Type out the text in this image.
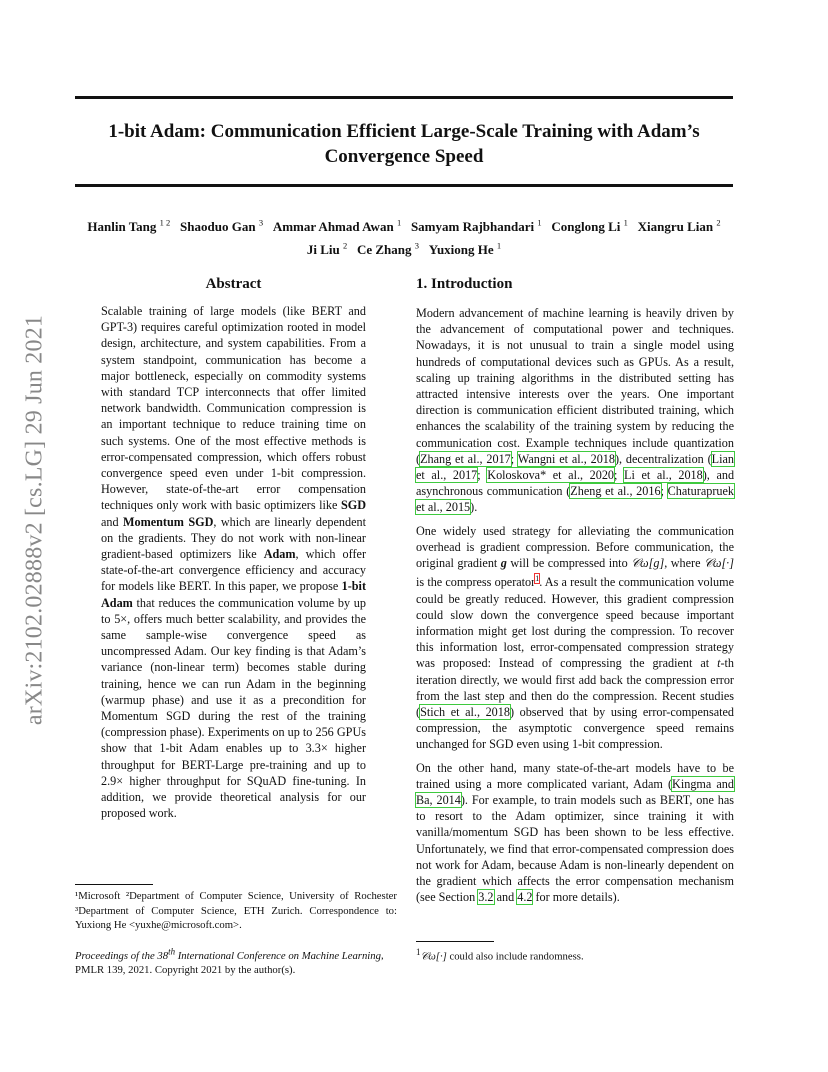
1-bit Adam: Communication Efficient Large-Scale Training with Adam’s Convergence Speed
Hanlin Tang $^{1 2}$ Shaoduo Gan $^3$ Ammar Ahmad Awan $^1$ Samyam Rajbhandari $^1$ Conglong Li $^1$ Xiangru Lian $^2$
Ji Liu $^2$ Ce Zhang $^3$ Yuxiong He $^1$
arXiv:2102.02888v2 [cs.LG] 29 Jun 2021
Abstract
Scalable training of large models (like BERT and GPT-3) requires careful optimization rooted in model design, architecture, and system capabilities. From a system standpoint, communication has become a major bottleneck, especially on commodity systems with standard TCP interconnects that offer limited network bandwidth. Communication compression is an important technique to reduce training time on such systems. One of the most effective methods is error-compensated compression, which offers robust convergence speed even under 1-bit compression. However, state-of-the-art error compensation techniques only work with basic optimizers like SGD and Momentum SGD, which are linearly dependent on the gradients. They do not work with non-linear gradient-based optimizers like Adam, which offer state-of-the-art convergence efficiency and accuracy for models like BERT. In this paper, we propose 1-bit Adam that reduces the communication volume by up to 5×, offers much better scalability, and provides the same sample-wise convergence speed as uncompressed Adam. Our key finding is that Adam’s variance (non-linear term) becomes stable during training, hence we can run Adam in the beginning (warmup phase) and use it as a precondition for Momentum SGD during the rest of the training (compression phase). Experiments on up to 256 GPUs show that 1-bit Adam enables up to 3.3× higher throughput for BERT-Large pre-training and up to 2.9× higher throughput for SQuAD fine-tuning. In addition, we provide theoretical analysis for our proposed work.
¹Microsoft ²Department of Computer Science, University of Rochester ³Department of Computer Science, ETH Zurich. Correspondence to: Yuxiong He <yuxhe@microsoft.com>.
Proceedings of the 38th International Conference on Machine Learning, PMLR 139, 2021. Copyright 2021 by the author(s).
1. Introduction

Modern advancement of machine learning is heavily driven by the advancement of computational power and techniques. Nowadays, it is not unusual to train a single model using hundreds of computational devices such as GPUs. As a result, scaling up training algorithms in the distributed setting has attracted intensive interests over the years. One important direction is communication efficient distributed training, which enhances the scalability of the training system by reducing the communication cost. Example techniques include quantization (Zhang et al., 2017; Wangni et al., 2018), decentralization (Lian et al., 2017; Koloskova* et al., 2020; Li et al., 2018), and asynchronous communication (Zheng et al., 2016; Chaturapruek et al., 2015).

One widely used strategy for alleviating the communication overhead is gradient compression. Before communication, the original gradient g will be compressed into 𝒞ω[g], where 𝒞ω[·] is the compress operator$^1$. As a result the communication volume could be greatly reduced. However, this gradient compression could slow down the convergence speed because important information might get lost during the compression. To recover this information lost, error-compensated compression strategy was proposed: Instead of compressing the gradient at t-th iteration directly, we would first add back the compression error from the last step and then do the compression. Recent studies (Stich et al., 2018) observed that by using error-compensated compression, the asymptotic convergence speed remains unchanged for SGD even using 1-bit compression.

On the other hand, many state-of-the-art models have to be trained using a more complicated variant, Adam (Kingma and Ba, 2014). For example, to train models such as BERT, one has to resort to the Adam optimizer, since training it with vanilla/momentum SGD has been shown to be less effective. Unfortunately, we find that error-compensated compression does not work for Adam, because Adam is non-linearly dependent on the gradient which affects the error compensation mechanism (see Section 3.2 and 4.2 for more details).

$^1$𝒞ω[·] could also include randomness.
